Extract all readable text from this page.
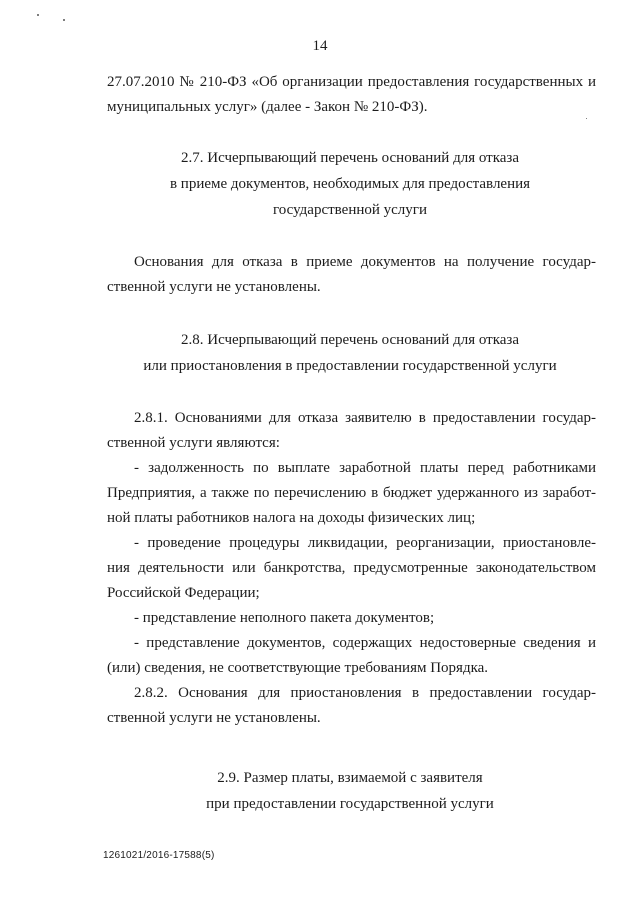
14
27.07.2010 № 210-ФЗ «Об организации предоставления государственных и
муниципальных услуг» (далее - Закон № 210-ФЗ).
2.7. Исчерпывающий перечень оснований для отказа
в приеме документов, необходимых для предоставления
государственной услуги
Основания для отказа в приеме документов на получение государ-
ственной услуги не установлены.
2.8. Исчерпывающий перечень оснований для отказа
или приостановления в предоставлении государственной услуги
2.8.1. Основаниями для отказа заявителю в предоставлении государ-
ственной услуги являются:
- задолженность по выплате заработной платы перед работниками
Предприятия, а также по перечислению в бюджет удержанного из заработ-
ной платы работников налога на доходы физических лиц;
- проведение процедуры ликвидации, реорганизации, приостановле-
ния деятельности или банкротства, предусмотренные законодательством
Российской Федерации;
- представление неполного пакета документов;
- представление документов, содержащих недостоверные сведения и
(или) сведения, не соответствующие требованиям Порядка.
2.8.2. Основания для приостановления в предоставлении государ-
ственной услуги не установлены.
2.9. Размер платы, взимаемой с заявителя
при предоставлении государственной услуги
1261021/2016-17588(5)
